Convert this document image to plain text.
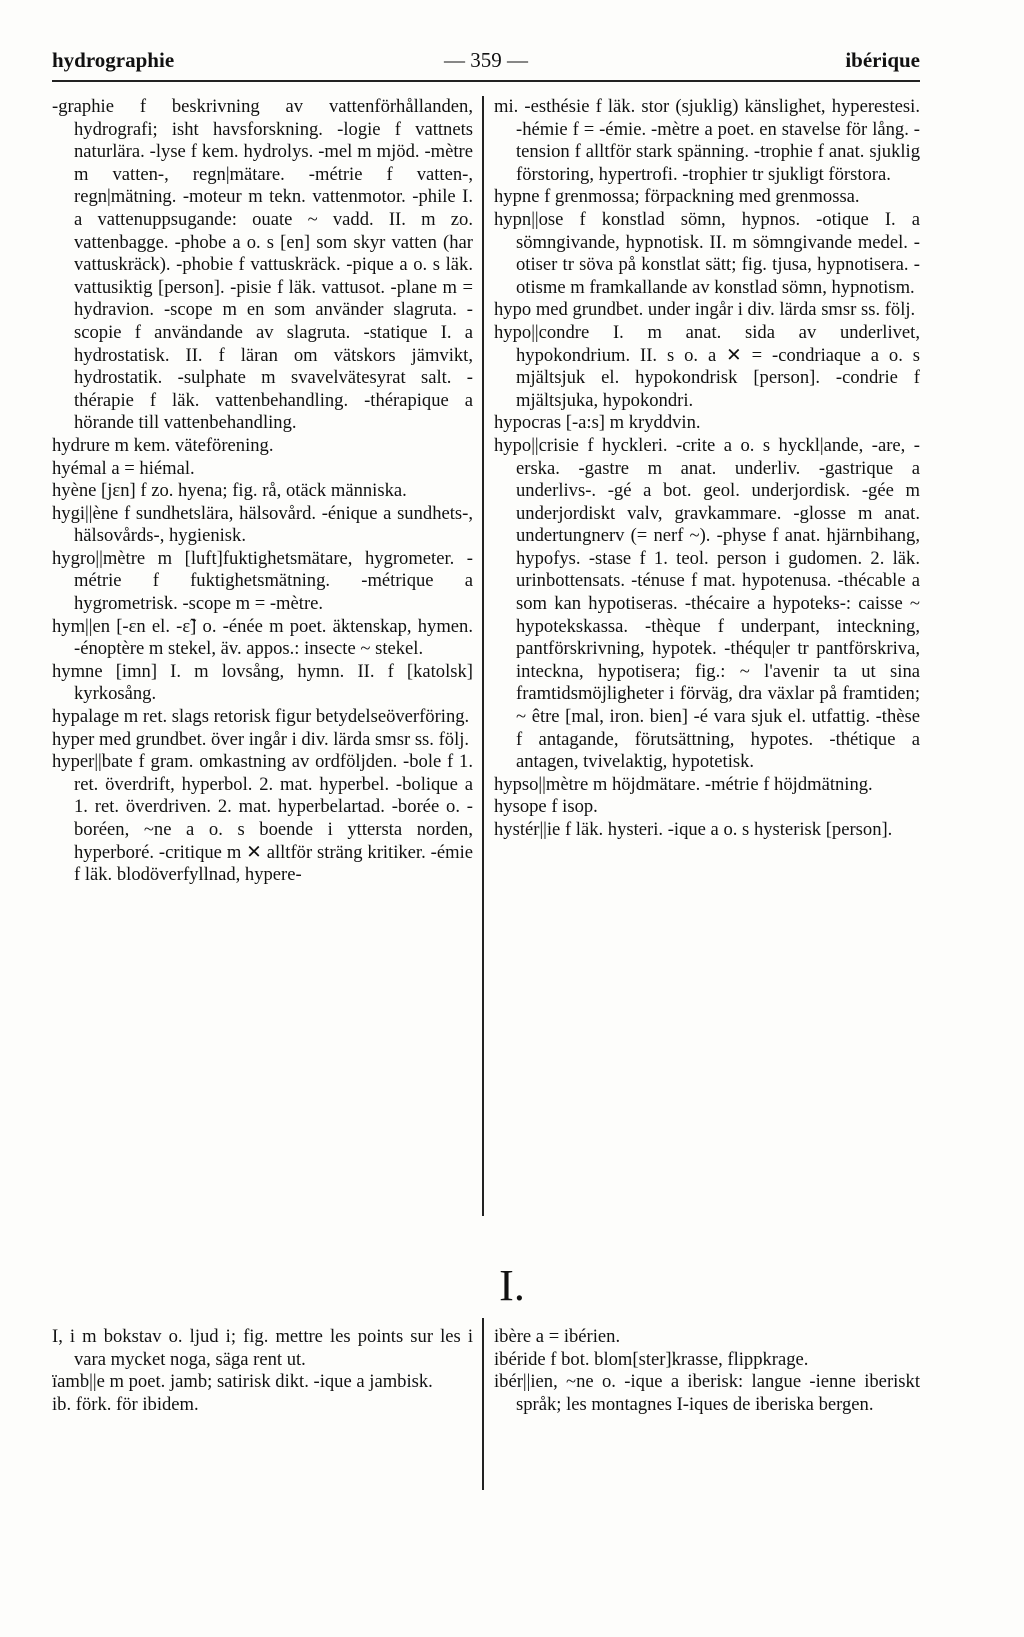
hydrographie	— 359 —	ibérique

-graphie f beskrivning av vattenförhållanden, hydrografi; isht havsforskning. -logie f vattnets naturlära. -lyse f kem. hydrolys. -mel m mjöd. -mètre m vatten-, regn|mätare. -métrie f vatten-, regn|mätning. -moteur m tekn. vattenmotor. -phile I. a vattenuppsugande: ouate ~ vadd. II. m zo. vattenbagge. -phobe a o. s [en] som skyr vatten (har vattuskräck). -phobie f vattuskräck. -pique a o. s läk. vattusiktig [person]. -pisie f läk. vattusot. -plane m = hydravion. -scope m en som använder slagruta. -scopie f användande av slagruta. -statique I. a hydrostatisk. II. f läran om vätskors jämvikt, hydrostatik. -sulphate m svavelvätesyrat salt. -thérapie f läk. vattenbehandling. -thérapique a hörande till vattenbehandling.

hydrure m kem. väteförening.

hyémal a = hiémal.

hyène [jɛn] f zo. hyena; fig. rå, otäck människa.

hygi||ène f sundhetslära, hälsovård. -énique a sundhets-, hälsovårds-, hygienisk.

hygro||mètre m [luft]fuktighetsmätare, hygrometer. -métrie f fuktighetsmätning. -métrique a hygrometrisk. -scope m = -mètre.

hym||en [-ɛn el. -ɛ̃] o. -énée m poet. äktenskap, hymen. -énoptère m stekel, äv. appos.: insecte ~ stekel.

hymne [imn] I. m lovsång, hymn. II. f [katolsk] kyrkosång.

hypalage m ret. slags retorisk figur betydelseöverföring.

hyper med grundbet. över ingår i div. lärda smsr ss. följ.

hyper||bate f gram. omkastning av ordföljden. -bole f 1. ret. överdrift, hyperbol. 2. mat. hyperbel. -bolique a 1. ret. överdriven. 2. mat. hyperbelartad. -borée o. -boréen, ~ne a o. s boende i yttersta norden, hyperboré. -critique m ✕ alltför sträng kritiker. -émie f läk. blodöverfyllnad, hypere-

mi. -esthésie f läk. stor (sjuklig) känslighet, hyperestesi. -hémie f = -émie. -mètre a poet. en stavelse för lång. -tension f alltför stark spänning. -trophie f anat. sjuklig förstoring, hypertrofi. -trophier tr sjukligt förstora.

hypne f grenmossa; förpackning med grenmossa.

hypn||ose f konstlad sömn, hypnos. -otique I. a sömngivande, hypnotisk. II. m sömngivande medel. -otiser tr söva på konstlat sätt; fig. tjusa, hypnotisera. -otisme m framkallande av konstlad sömn, hypnotism.

hypo med grundbet. under ingår i div. lärda smsr ss. följ.

hypo||condre I. m anat. sida av underlivet, hypokondrium. II. s o. a ✕ = -condriaque a o. s mjältsjuk el. hypokondrisk [person]. -condrie f mjältsjuka, hypokondri.

hypocras [-a:s] m kryddvin.

hypo||crisie f hyckleri. -crite a o. s hyckl|ande, -are, -erska. -gastre m anat. underliv. -gastrique a underlivs-. -gé a bot. geol. underjordisk. -gée m underjordiskt valv, gravkammare. -glosse m anat. undertungnerv (= nerf ~). -physe f anat. hjärnbihang, hypofys. -stase f 1. teol. person i gudomen. 2. läk. urinbottensats. -ténuse f mat. hypotenusa. -thécable a som kan hypotiseras. -thécaire a hypoteks-: caisse ~ hypotekskassa. -thèque f underpant, inteckning, pantförskrivning, hypotek. -théqu|er tr pantförskriva, inteckna, hypotisera; fig.: ~ l'avenir ta ut sina framtidsmöjligheter i förväg, dra växlar på framtiden; ~ être [mal, iron. bien] -é vara sjuk el. utfattig. -thèse f antagande, förutsättning, hypotes. -thétique a antagen, tvivelaktig, hypotetisk.

hypso||mètre m höjdmätare. -métrie f höjdmätning.

hysope f isop.

hystér||ie f läk. hysteri. -ique a o. s hysterisk [person].

I.

I, i m bokstav o. ljud i; fig. mettre les points sur les i vara mycket noga, säga rent ut.

ïamb||e m poet. jamb; satirisk dikt. -ique a jambisk.

ib. förk. för ibidem.

ibère a = ibérien.

ibéride f bot. blom[ster]krasse, flippkrage.

ibér||ien, ~ne o. -ique a iberisk: langue -ienne iberiskt språk; les montagnes I-iques de iberiska bergen.
